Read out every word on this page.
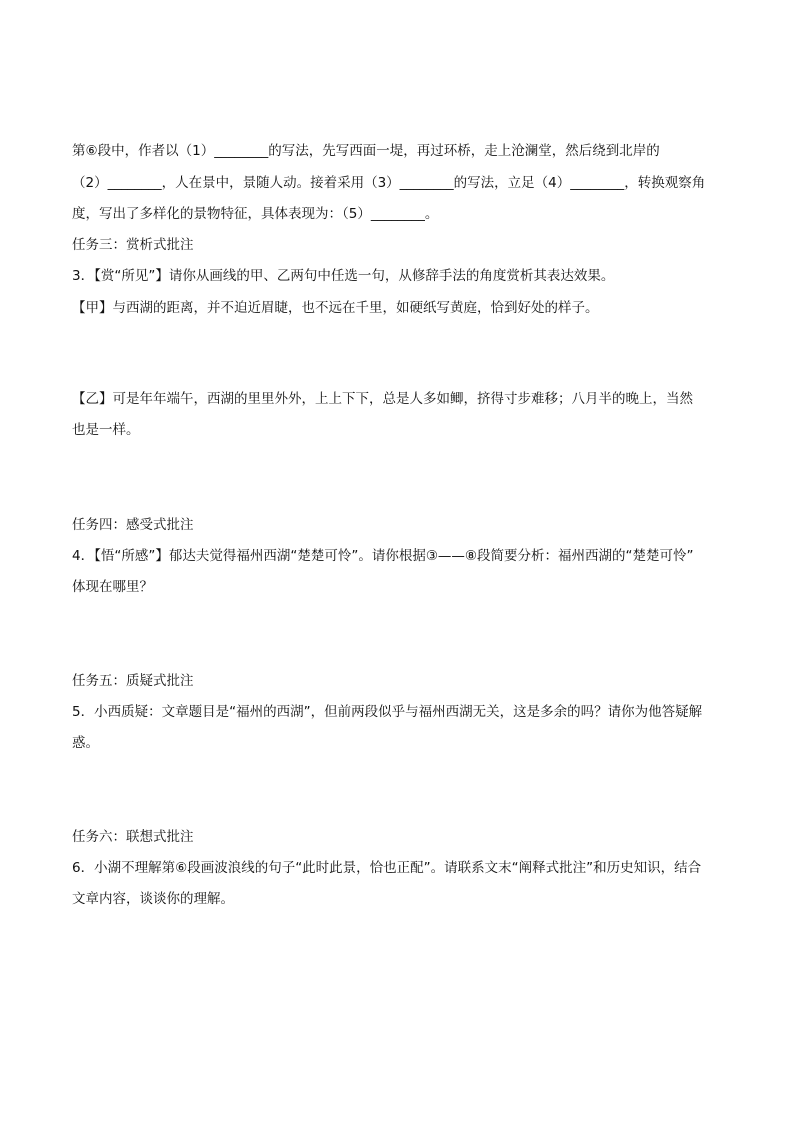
第⑥段中，作者以（1）________的写法，先写西面一堤，再过环桥，走上沧澜堂，然后绕到北岸的
（2）________，人在景中，景随人动。接着采用（3）________的写法，立足（4）________，转换观察角
度，写出了多样化的景物特征，具体表现为：（5）________。
任务三：赏析式批注
3．【赏“所见”】请你从画线的甲、乙两句中任选一句，从修辞手法的角度赏析其表达效果。
【甲】与西湖的距离，并不迫近眉睫，也不远在千里，如硬纸写黄庭，恰到好处的样子。
【乙】可是年年端午，西湖的里里外外，上上下下，总是人多如鲫，挤得寸步难移；八月半的晚上，当然
也是一样。
任务四：感受式批注
4．【悟“所感”】郁达夫觉得福州西湖“楚楚可怜”。请你根据③——⑧段简要分析：福州西湖的“楚楚可怜”
体现在哪里？
任务五：质疑式批注
5．小西质疑：文章题目是“福州的西湖”，但前两段似乎与福州西湖无关，这是多余的吗？请你为他答疑解
惑。
任务六：联想式批注
6．小湖不理解第⑥段画波浪线的句子“此时此景，恰也正配”。请联系文末“阐释式批注”和历史知识，结合
文章内容，谈谈你的理解。
